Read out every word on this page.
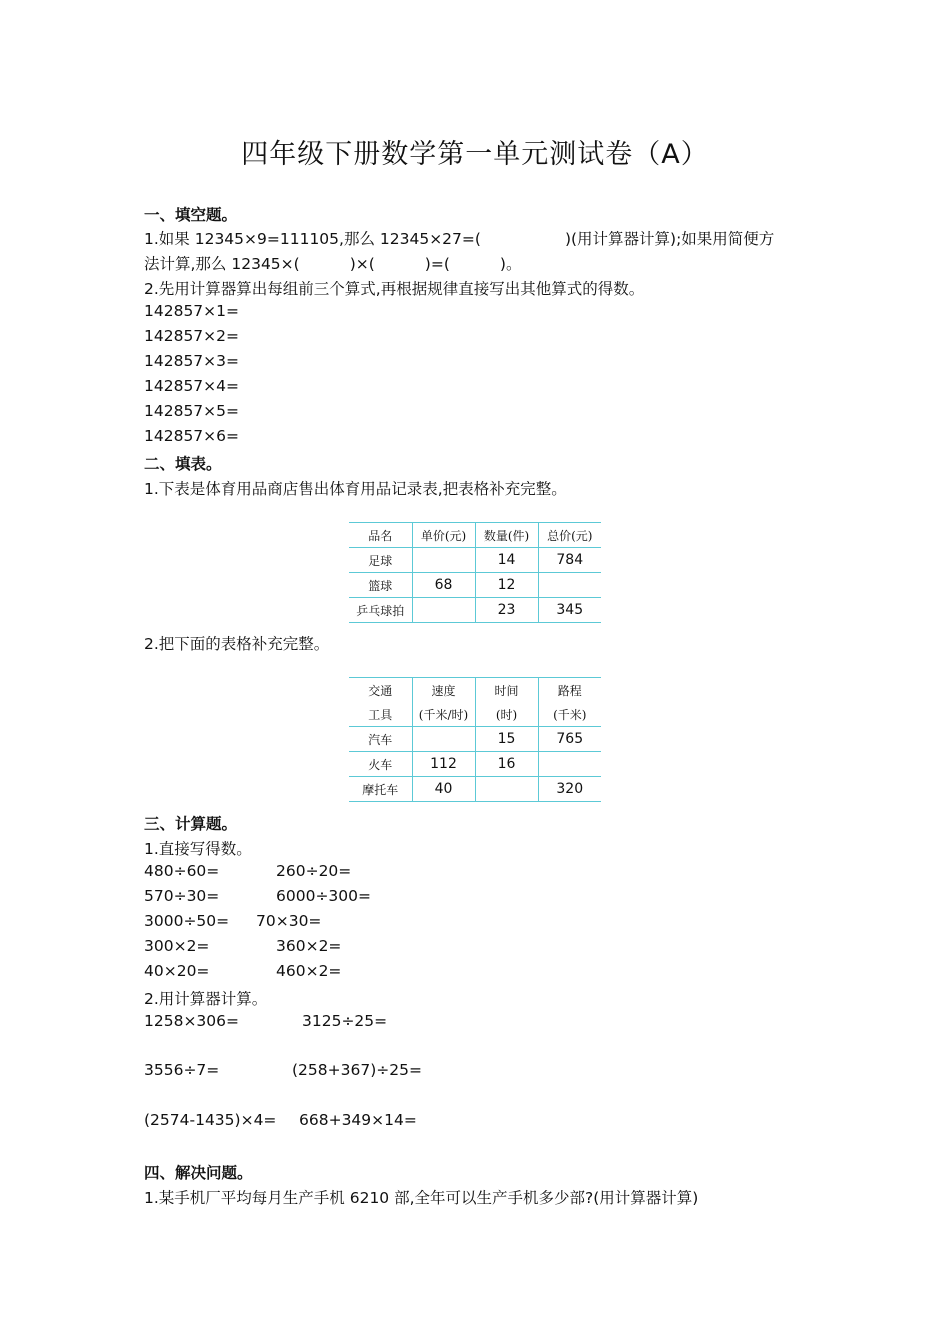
四年级下册数学第一单元测试卷（A）
一、填空题。
1.如果 12345×9=111105,那么 12345×27=(	)(用计算器计算);如果用简便方
法计算,那么 12345×(	)×(	)=(	)。
2.先用计算器算出每组前三个算式,再根据规律直接写出其他算式的得数。
142857×1=
142857×2=
142857×3=
142857×4=
142857×5=
142857×6=
二、填表。
1.下表是体育用品商店售出体育用品记录表,把表格补充完整。
品名	单价(元)	数量(件)	总价(元)
足球		14	784
篮球	68	12	
乒乓球拍		23	345
2.把下面的表格补充完整。
交通	速度	时间	路程
工具	(千米/时)	(时)	(千米)
汽车		15	765
火车	112	16	
摩托车	40		320
三、计算题。
1.直接写得数。
480÷60=	260÷20=
570÷30=	6000÷300=
3000÷50= 70×30=
300×2=	360×2=
40×20=	460×2=
2.用计算器计算。
1258×306=	3125÷25=
3556÷7=	(258+367)÷25=
(2574-1435)×4= 668+349×14=
四、解决问题。
1.某手机厂平均每月生产手机 6210 部,全年可以生产手机多少部?(用计算器计算)
